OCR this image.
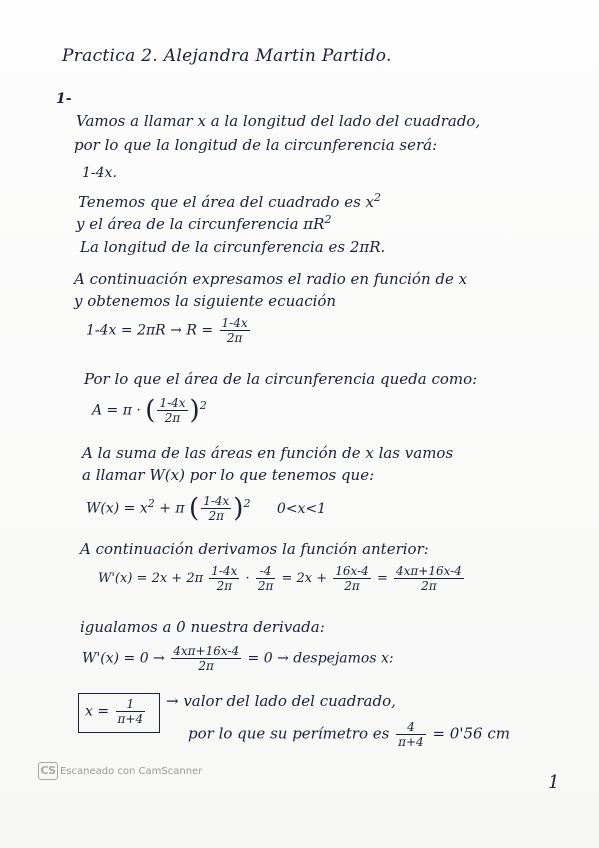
Practica 2. Alejandra Martin Partido.
1-
Vamos a llamar x a la longitud del lado del cuadrado,
por lo que la longitud de la circunferencia será:
1-4x.
Tenemos que el área del cuadrado es $x^2$
y el área de la circunferencia $\pi R^2$
La longitud de la circunferencia es 2πR.
A continuación expresamos el radio en función de x
y obtenemos la siguiente ecuación
$1-4x = 2\pi R \to R = \frac{1-4x}{2\pi}$
Por lo que el área de la circunferencia queda como:
A = π · ( $\frac{1-4x}{2\pi} )^2$
A la suma de las áreas en función de x las vamos
a llamar W(x) por lo que tenemos que:
$W(x) = x^2 + \pi$ ( $\frac{1-4x}{2\pi} )^2$ 0<x<1
A continuación derivamos la función anterior:
$W'(x) = 2x + 2\pi \frac{1-4x}{2\pi} \cdot \frac{-4}{2\pi} = 2x + \frac{16x-4}{2\pi} = \frac{4x\pi+16x-4}{2\pi}$
igualamos a 0 nuestra derivada:
$W'(x) = 0 \to \frac{4x\pi+16x-4}{2\pi} = 0$ → despejamos x:
$x = \frac{1}{\pi+4}$ → valor del lado del cuadrado,
por lo que su perímetro es $\frac{4}{\pi+4} = 0'56$ cm
CS Escaneado con CamScanner
1
